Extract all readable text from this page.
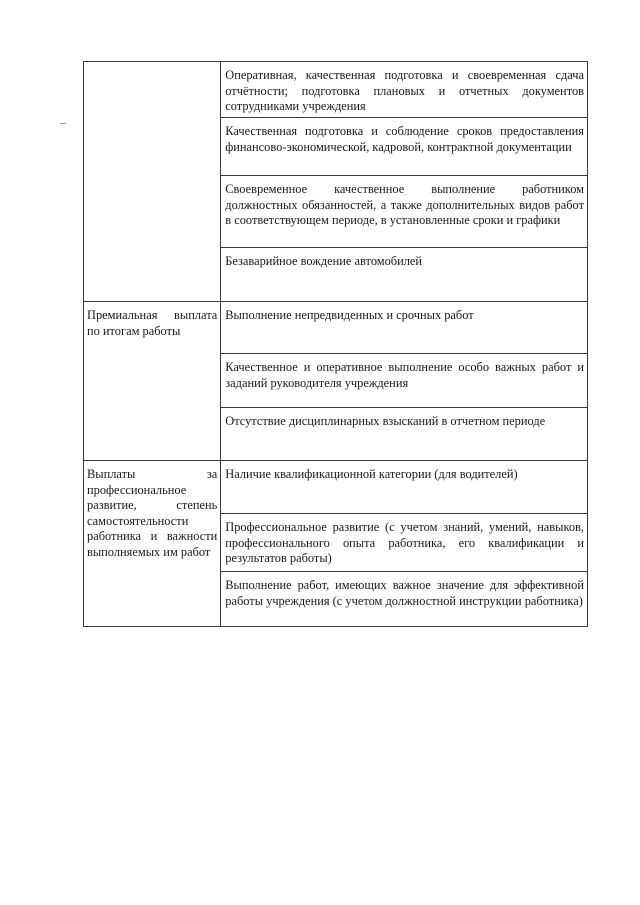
	Оперативная, качественная подготовка и своевременная сдача отчётности; подготовка плановых и отчетных документов сотрудниками учреждения

	Качественная подготовка и соблюдение сроков предоставления финансово-экономической, кадровой, контрактной документации

	Своевременное качественное выполнение работником должностных обязанностей, а также дополнительных видов работ в соответствующем периоде, в установленные сроки и графики

	Безаварийное вождение автомобилей

Премиальная выплата по итогам работы	Выполнение непредвиденных и срочных работ

	Качественное и оперативное выполнение особо важных работ и заданий руководителя учреждения

	Отсутствие дисциплинарных взысканий в отчетном периоде

Выплаты за профессиональное развитие, степень самостоятельности работника и важности выполняемых им работ	Наличие квалификационной категории (для водителей)

	Профессиональное развитие (с учетом знаний, умений, навыков, профессионального опыта работника, его квалификации и результатов работы)

	Выполнение работ, имеющих важное значение для эффективной работы учреждения (с учетом должностной инструкции работника)
